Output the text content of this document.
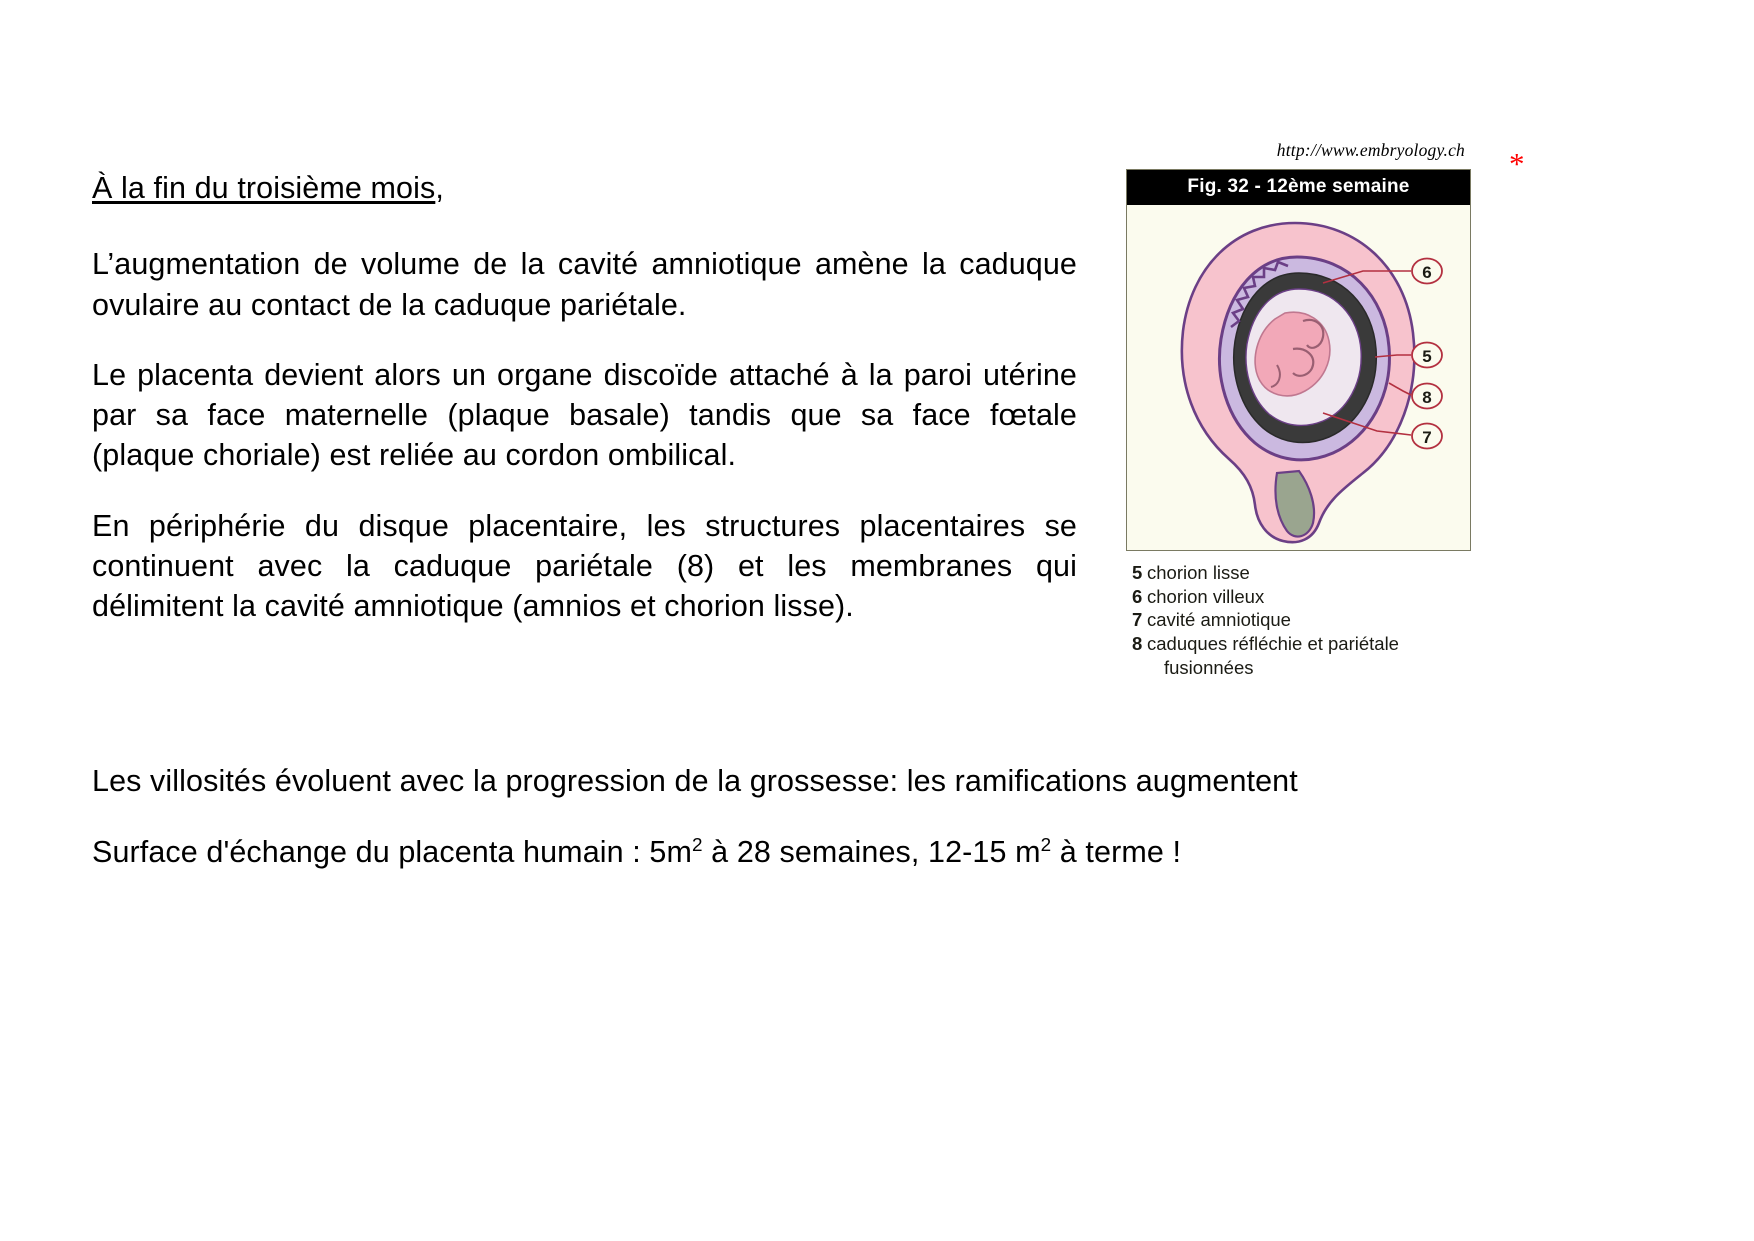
À la fin du troisième mois,

L’augmentation de volume de la cavité amniotique amène la caduque ovulaire au contact de la caduque pariétale.

Le placenta devient alors un organe discoïde attaché à la paroi utérine par sa face maternelle (plaque basale) tandis que sa face fœtale (plaque choriale) est reliée au cordon ombilical.

En périphérie du disque placentaire, les structures placentaires se continuent avec la caduque pariétale (8) et les membranes qui délimitent la cavité amniotique (amnios et chorion lisse).

Les villosités évoluent avec la progression de la grossesse: les ramifications augmentent
Surface d'échange du placenta humain : $5m^2$ à 28 semaines, 12-15 $m^2$ à terme !
http://www.embryology.ch
Fig. 32 - 12ème semaine
6
5
8
7
5 chorion lisse
6 chorion villeux
7 cavité amniotique
8 caduques réfléchie et pariétale
fusionnées
*
